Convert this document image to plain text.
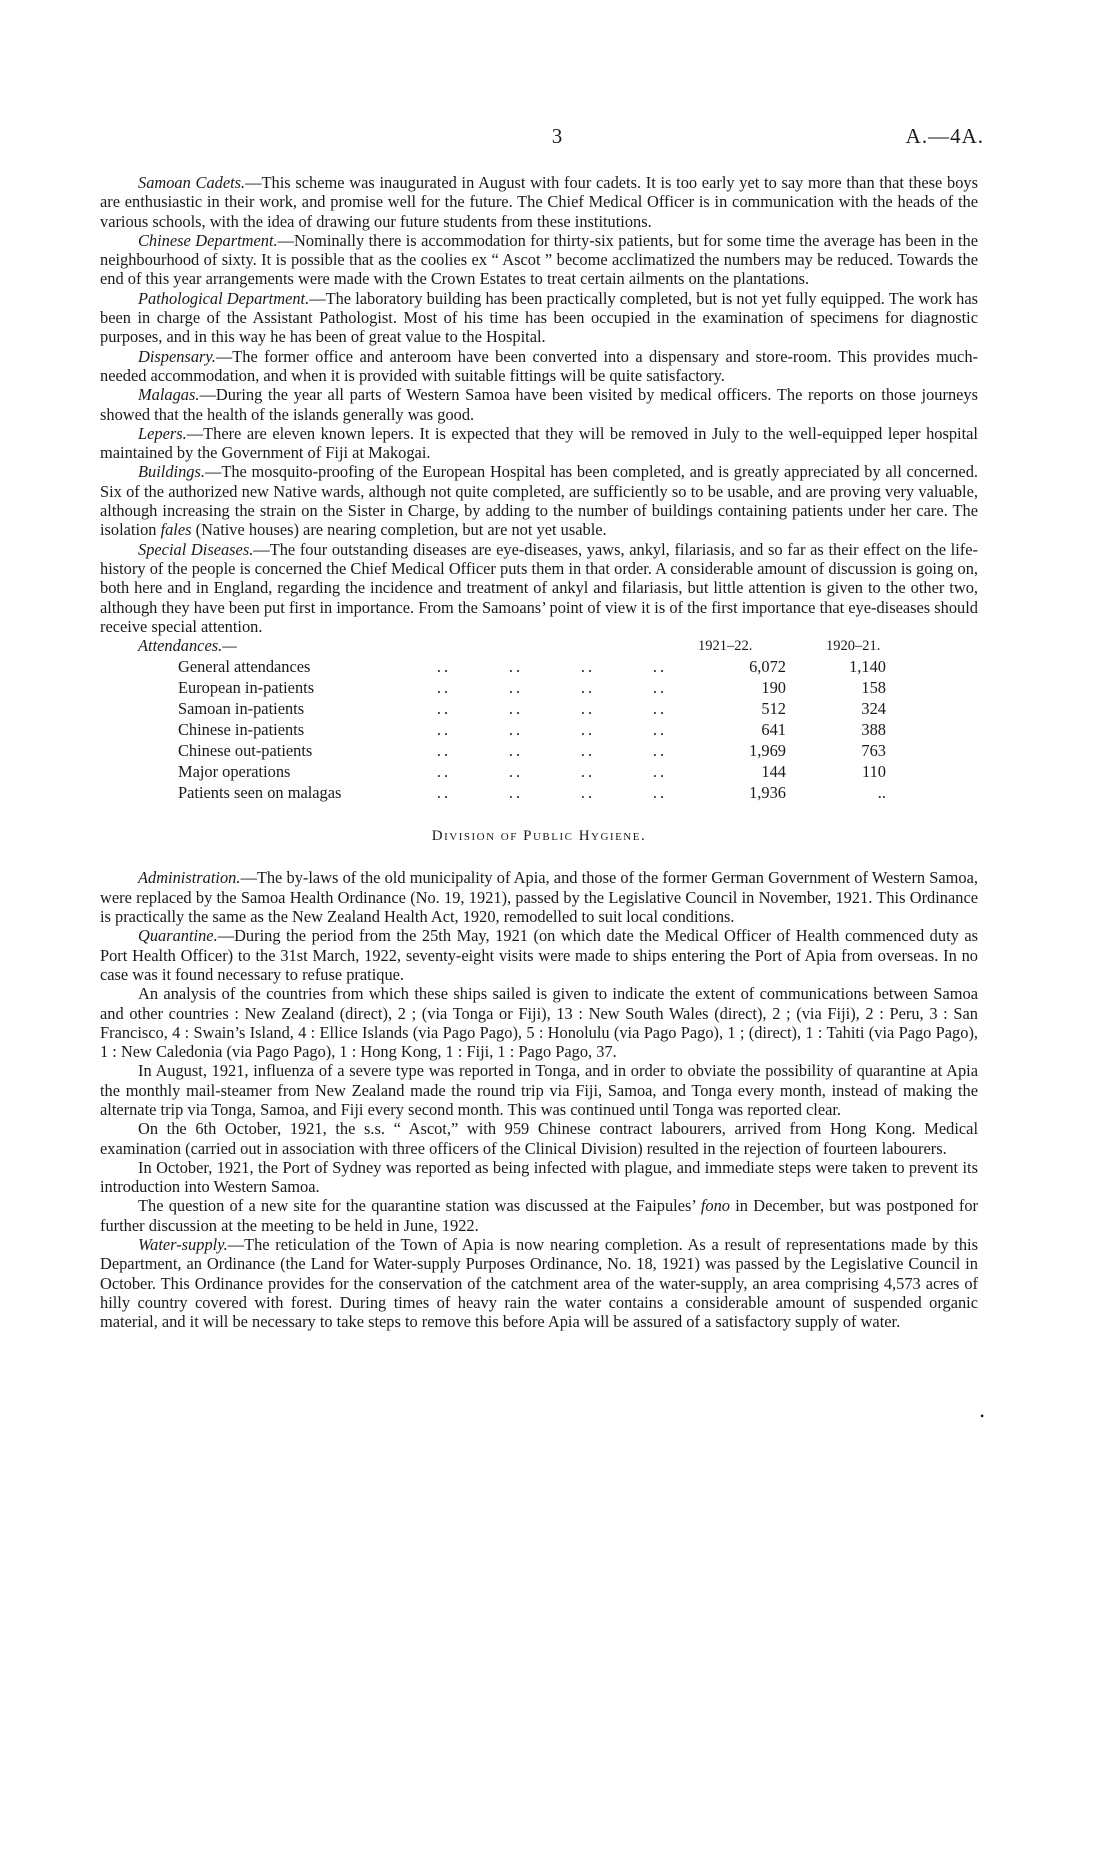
3	A.—4A.

Samoan Cadets.—This scheme was inaugurated in August with four cadets. It is too early yet to say more than that these boys are enthusiastic in their work, and promise well for the future. The Chief Medical Officer is in communication with the heads of the various schools, with the idea of drawing our future students from these institutions.

Chinese Department.—Nominally there is accommodation for thirty-six patients, but for some time the average has been in the neighbourhood of sixty. It is possible that as the coolies ex “ Ascot ” become acclimatized the numbers may be reduced. Towards the end of this year arrangements were made with the Crown Estates to treat certain ailments on the plantations.

Pathological Department.—The laboratory building has been practically completed, but is not yet fully equipped. The work has been in charge of the Assistant Pathologist. Most of his time has been occupied in the examination of specimens for diagnostic purposes, and in this way he has been of great value to the Hospital.

Dispensary.—The former office and anteroom have been converted into a dispensary and store-room. This provides much-needed accommodation, and when it is provided with suitable fittings will be quite satisfactory.

Malagas.—During the year all parts of Western Samoa have been visited by medical officers. The reports on those journeys showed that the health of the islands generally was good.

Lepers.—There are eleven known lepers. It is expected that they will be removed in July to the well-equipped leper hospital maintained by the Government of Fiji at Makogai.

Buildings.—The mosquito-proofing of the European Hospital has been completed, and is greatly appreciated by all concerned. Six of the authorized new Native wards, although not quite completed, are sufficiently so to be usable, and are proving very valuable, although increasing the strain on the Sister in Charge, by adding to the number of buildings containing patients under her care. The isolation fales (Native houses) are nearing completion, but are not yet usable.

Special Diseases.—The four outstanding diseases are eye-diseases, yaws, ankyl, filariasis, and so far as their effect on the life-history of the people is concerned the Chief Medical Officer puts them in that order. A considerable amount of discussion is going on, both here and in England, regarding the incidence and treatment of ankyl and filariasis, but little attention is given to the other two, although they have been put first in importance. From the Samoans’ point of view it is of the first importance that eye-diseases should receive special attention.

Attendances.—	1921–22.	1920–21.
General attendances	..	..	..	..	6,072	1,140
European in-patients	..	..	..	..	190	158
Samoan in-patients	..	..	..	..	512	324
Chinese in-patients	..	..	..	..	641	388
Chinese out-patients	..	..	..	..	1,969	763
Major operations	..	..	..	..	144	110
Patients seen on malagas	..	..	..	..	1,936	..
Division of Public Hygiene.

Administration.—The by-laws of the old municipality of Apia, and those of the former German Government of Western Samoa, were replaced by the Samoa Health Ordinance (No. 19, 1921), passed by the Legislative Council in November, 1921. This Ordinance is practically the same as the New Zealand Health Act, 1920, remodelled to suit local conditions.

Quarantine.—During the period from the 25th May, 1921 (on which date the Medical Officer of Health commenced duty as Port Health Officer) to the 31st March, 1922, seventy-eight visits were made to ships entering the Port of Apia from overseas. In no case was it found necessary to refuse pratique.

An analysis of the countries from which these ships sailed is given to indicate the extent of communications between Samoa and other countries : New Zealand (direct), 2 ; (via Tonga or Fiji), 13 : New South Wales (direct), 2 ; (via Fiji), 2 : Peru, 3 : San Francisco, 4 : Swain’s Island, 4 : Ellice Islands (via Pago Pago), 5 : Honolulu (via Pago Pago), 1 ; (direct), 1 : Tahiti (via Pago Pago), 1 : New Caledonia (via Pago Pago), 1 : Hong Kong, 1 : Fiji, 1 : Pago Pago, 37.

In August, 1921, influenza of a severe type was reported in Tonga, and in order to obviate the possibility of quarantine at Apia the monthly mail-steamer from New Zealand made the round trip via Fiji, Samoa, and Tonga every month, instead of making the alternate trip via Tonga, Samoa, and Fiji every second month. This was continued until Tonga was reported clear.

On the 6th October, 1921, the s.s. “ Ascot,” with 959 Chinese contract labourers, arrived from Hong Kong. Medical examination (carried out in association with three officers of the Clinical Division) resulted in the rejection of fourteen labourers.

In October, 1921, the Port of Sydney was reported as being infected with plague, and immediate steps were taken to prevent its introduction into Western Samoa.

The question of a new site for the quarantine station was discussed at the Faipules’ fono in December, but was postponed for further discussion at the meeting to be held in June, 1922.

Water-supply.—The reticulation of the Town of Apia is now nearing completion. As a result of representations made by this Department, an Ordinance (the Land for Water-supply Purposes Ordinance, No. 18, 1921) was passed by the Legislative Council in October. This Ordinance provides for the conservation of the catchment area of the water-supply, an area comprising 4,573 acres of hilly country covered with forest. During times of heavy rain the water contains a considerable amount of suspended organic material, and it will be necessary to take steps to remove this before Apia will be assured of a satisfactory supply of water.

•
